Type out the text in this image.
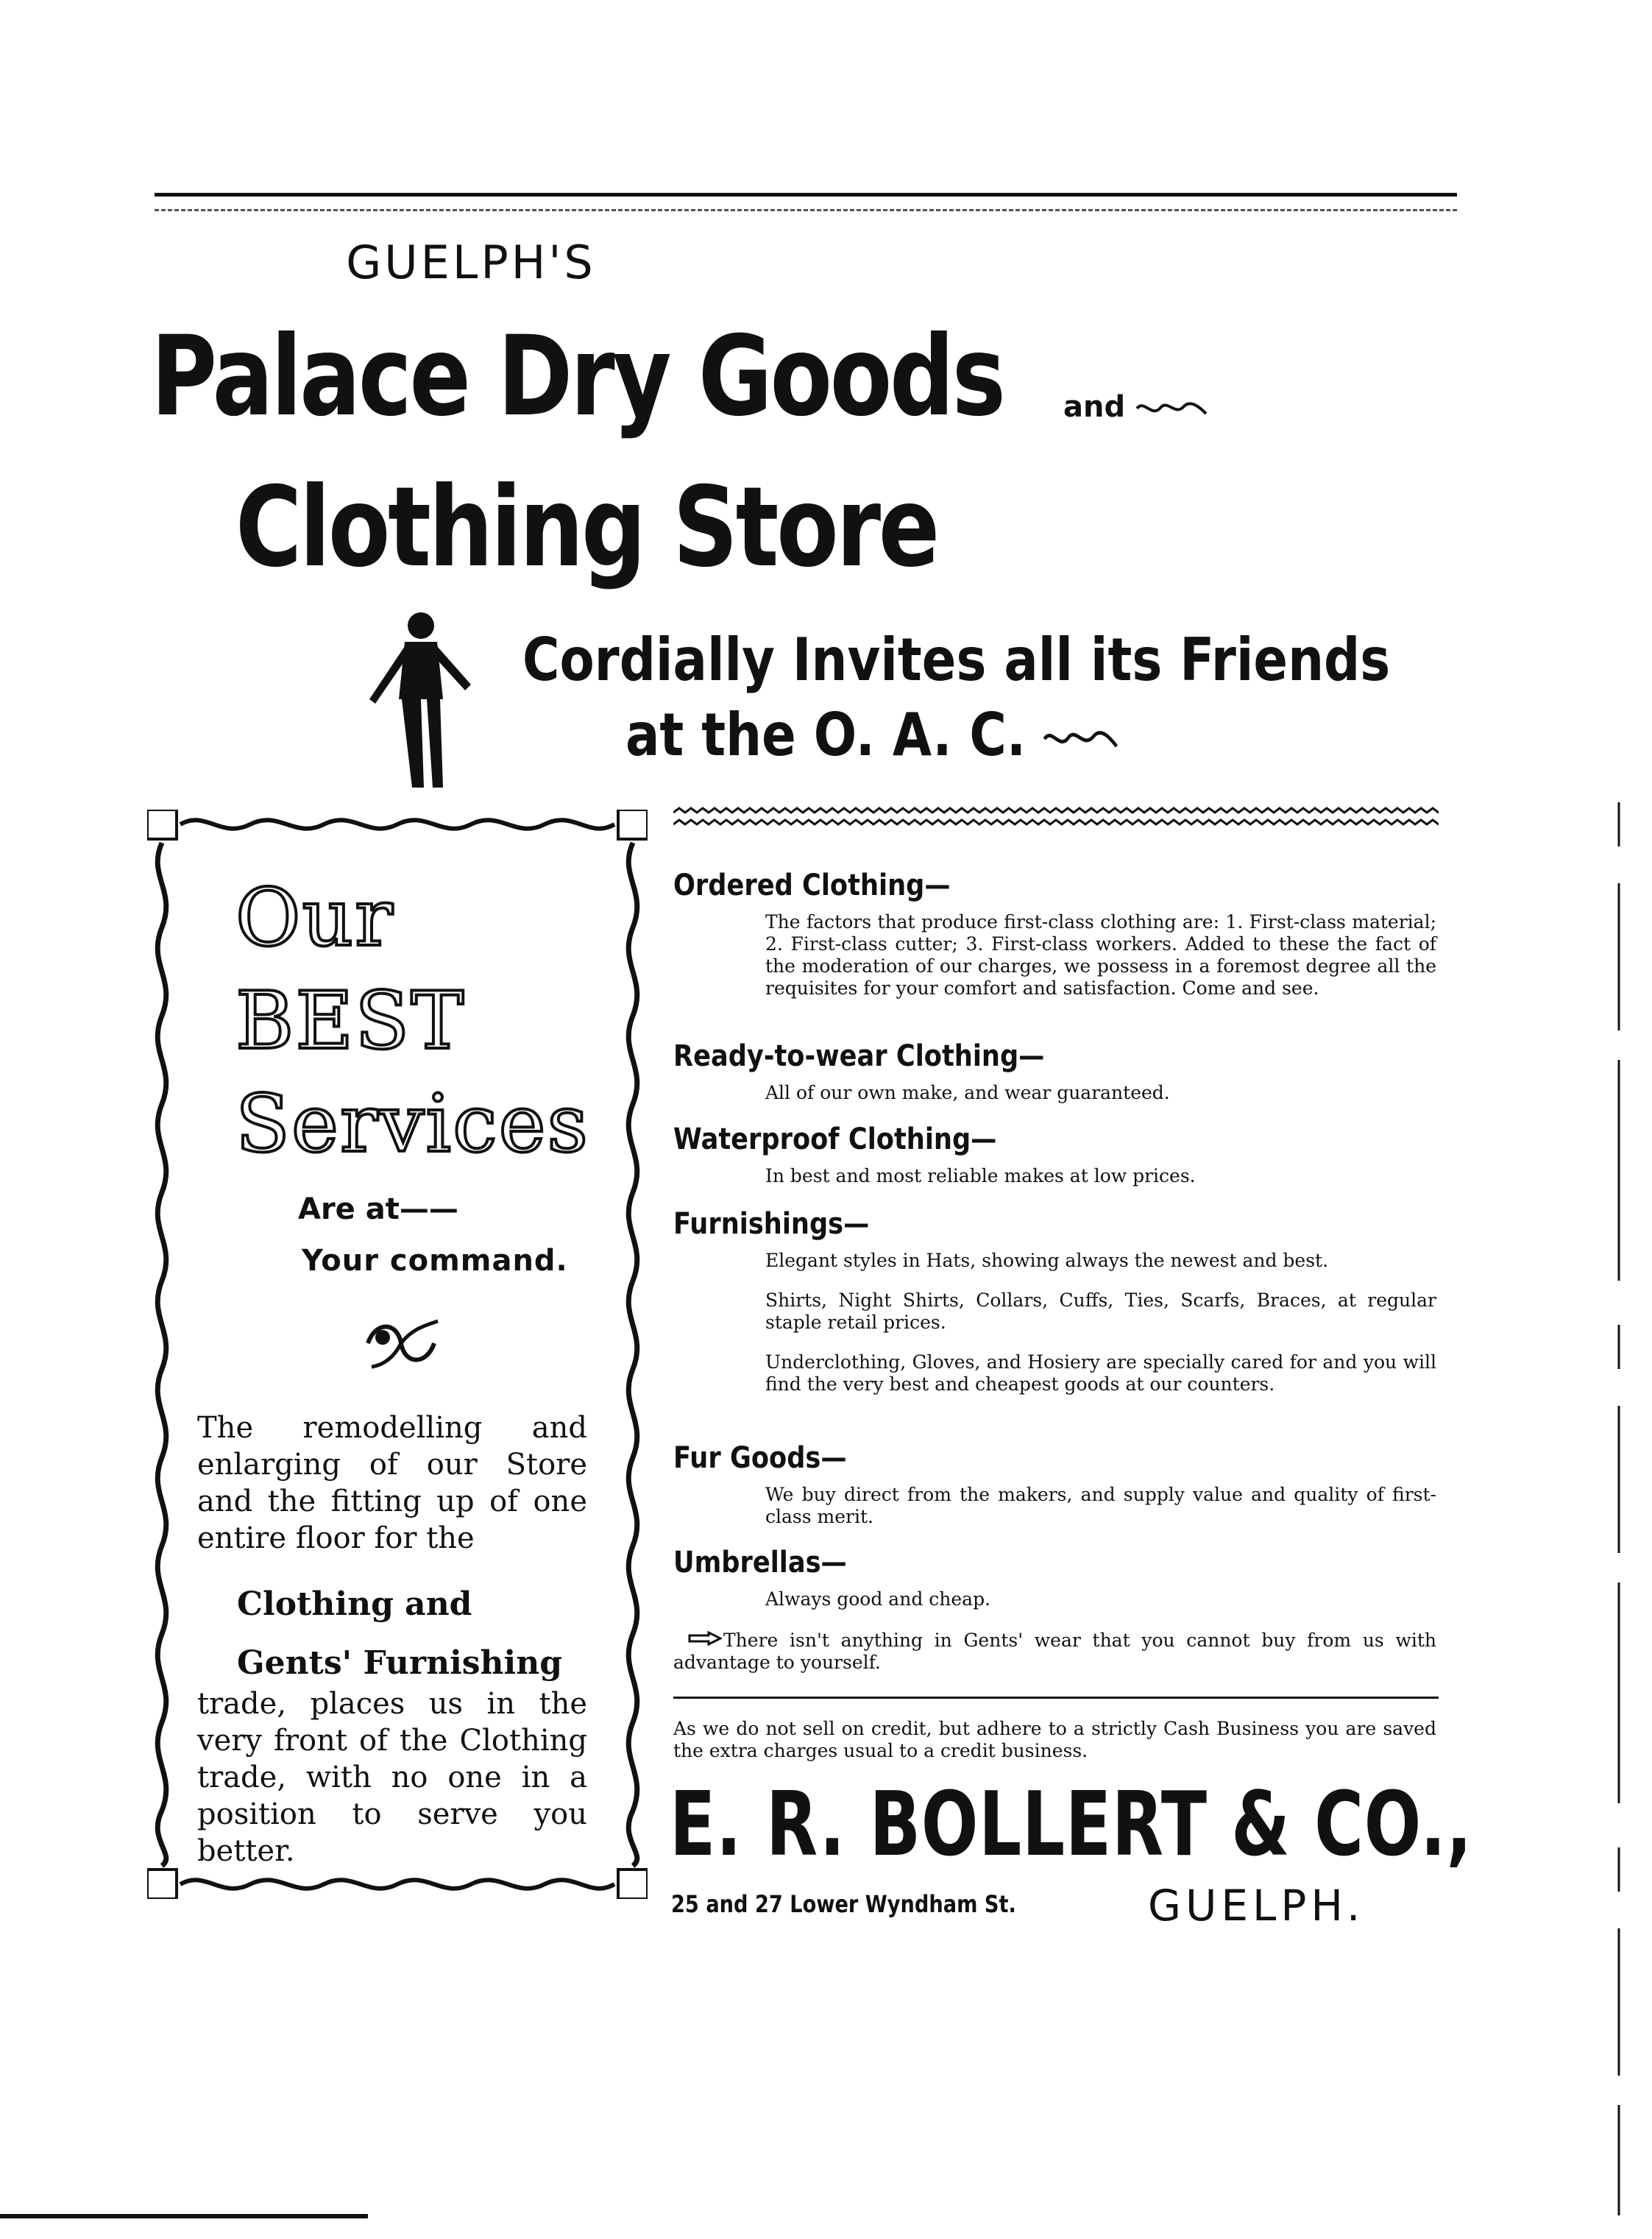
GUELPH'S
Palace Dry Goods and
Clothing Store
Cordially Invites all its Friends
at the O. A. C.
Our
BEST
Services
Are at——
Your command.
The remodelling and enlarging of our Store and the fitting up of one entire floor for the
Clothing and
Gents' Furnishing
trade, places us in the very front of the Clothing trade, with no one in a position to serve you better.
Ordered Clothing—
The factors that produce first-class clothing are: 1. First-class material; 2. First-class cutter; 3. First-class workers. Added to these the fact of the moderation of our charges, we possess in a foremost degree all the requisites for your comfort and satisfaction. Come and see.
Ready-to-wear Clothing—
All of our own make, and wear guaranteed.
Waterproof Clothing—
In best and most reliable makes at low prices.
Furnishings—
Elegant styles in Hats, showing always the newest and best.
Shirts, Night Shirts, Collars, Cuffs, Ties, Scarfs, Braces, at regular staple retail prices.
Underclothing, Gloves, and Hosiery are specially cared for and you will find the very best and cheapest goods at our counters.
Fur Goods—
We buy direct from the makers, and supply value and quality of first-class merit.
Umbrellas—
Always good and cheap.
There isn't anything in Gents' wear that you cannot buy from us with advantage to yourself.
As we do not sell on credit, but adhere to a strictly Cash Business you are saved the extra charges usual to a credit business.
E. R. BOLLERT & CO.,
25 and 27 Lower Wyndham St.	GUELPH.
